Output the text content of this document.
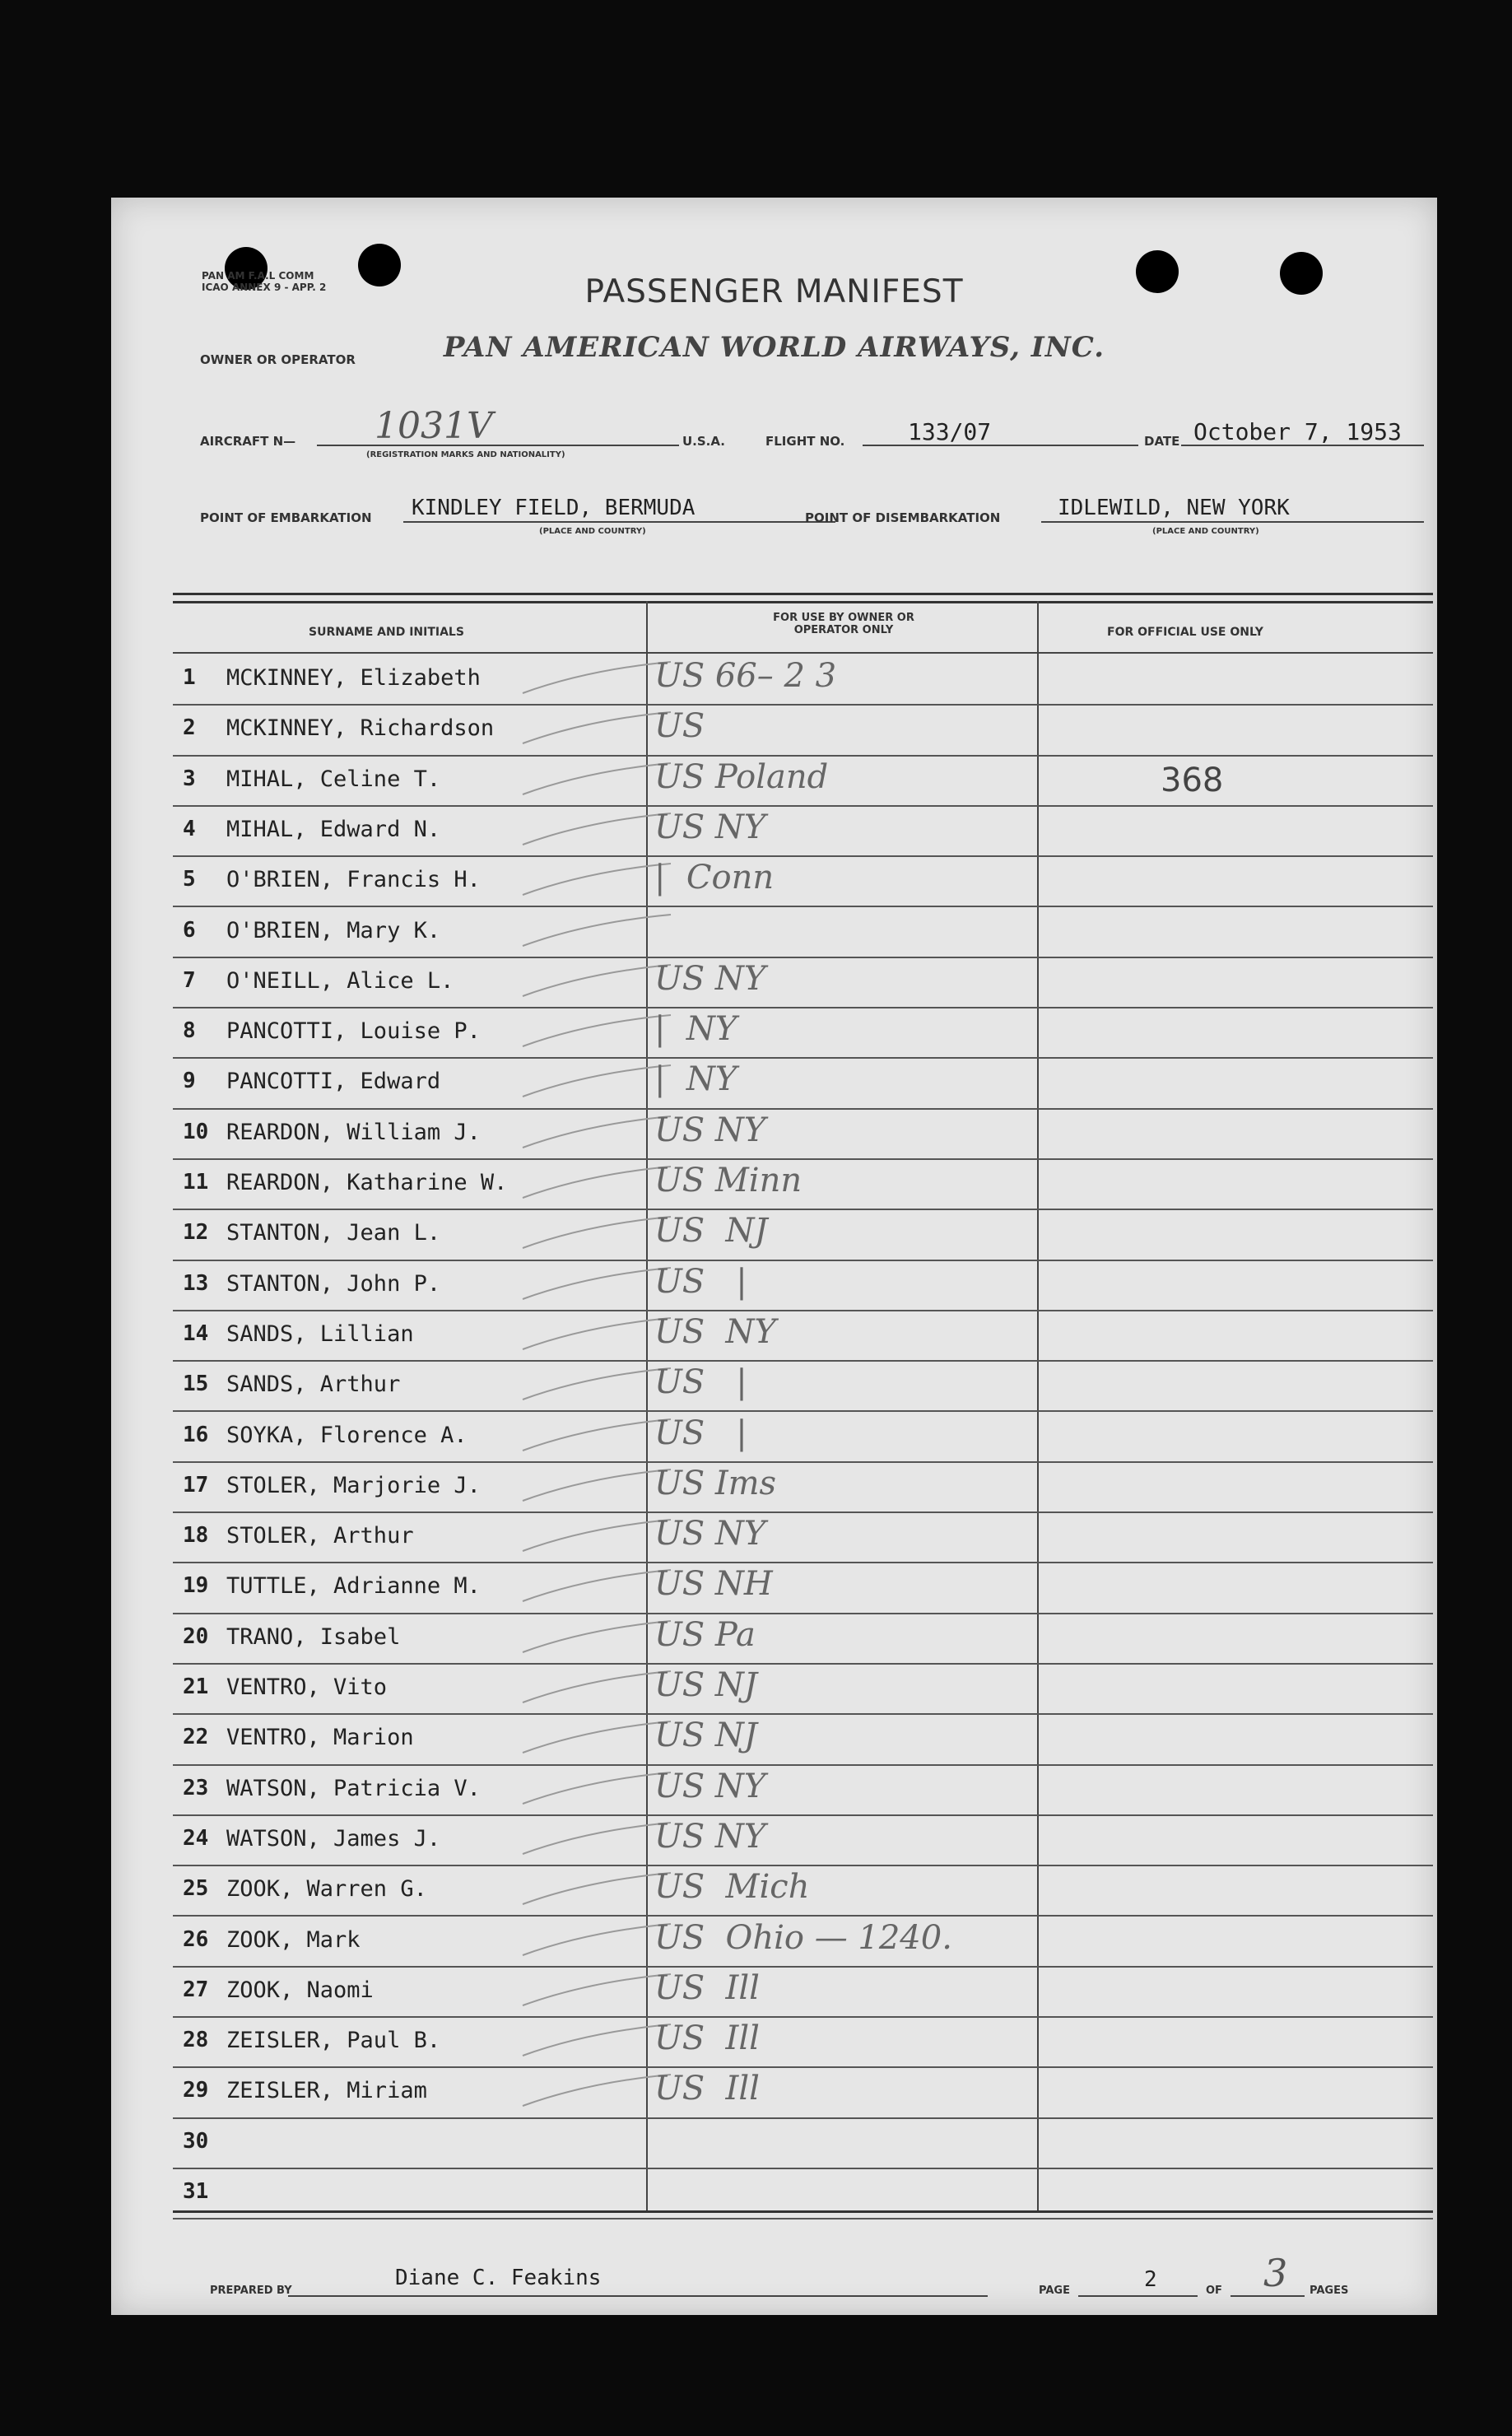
PAN AM F.A.L COMM
ICAO ANNEX 9 - APP. 2	PASSENGER MANIFEST
OWNER OR OPERATOR	PAN AMERICAN WORLD AIRWAYS, INC.
AIRCRAFT N— 1031V
(REGISTRATION MARKS AND NATIONALITY)
U.S.A.	FLIGHT NO.	133/07	DATE October 7, 1953
POINT OF EMBARKATION KINDLEY FIELD, BERMUDA
(PLACE AND COUNTRY)
POINT OF DISEMBARKATION	IDLEWILD, NEW YORK
(PLACE AND COUNTRY)
SURNAME AND INITIALS
FOR USE BY OWNER OR OPERATOR ONLY	FOR OFFICIAL USE ONLY
1 MCKINNEY, Elizabeth	US 66– 2 3
2 MCKINNEY, Richardson	US
3 MIHAL, Celine T.	US Poland	368
4 MIHAL, Edward N.	US NY
5 O'BRIEN, Francis H.	|  Conn
6 O'BRIEN, Mary K.
7 O'NEILL, Alice L.	US NY
8 PANCOTTI, Louise P.	|  NY
9 PANCOTTI, Edward	|  NY
10 REARDON, William J.	US NY
11 REARDON, Katharine W.	US Minn
12 STANTON, Jean L.	US  NJ
13 STANTON, John P.	US   |
14 SANDS, Lillian	US  NY
15 SANDS, Arthur	US   |
16 SOYKA, Florence A.	US   |
17 STOLER, Marjorie J.	US Ims
18 STOLER, Arthur	US NY
19 TUTTLE, Adrianne M.	US NH
20 TRANO, Isabel	US Pa
21 VENTRO, Vito	US NJ
22 VENTRO, Marion	US NJ
23 WATSON, Patricia V.	US NY
24 WATSON, James J.	US NY
25 ZOOK, Warren G.	US  Mich
26 ZOOK, Mark	US  Ohio — 1240.
27 ZOOK, Naomi	US  Ill
28 ZEISLER, Paul B.	US  Ill
29 ZEISLER, Miriam	US  Ill
30
31
PREPARED BY
Diane C. Feakins
PAGE	2	OF 3 PAGES
